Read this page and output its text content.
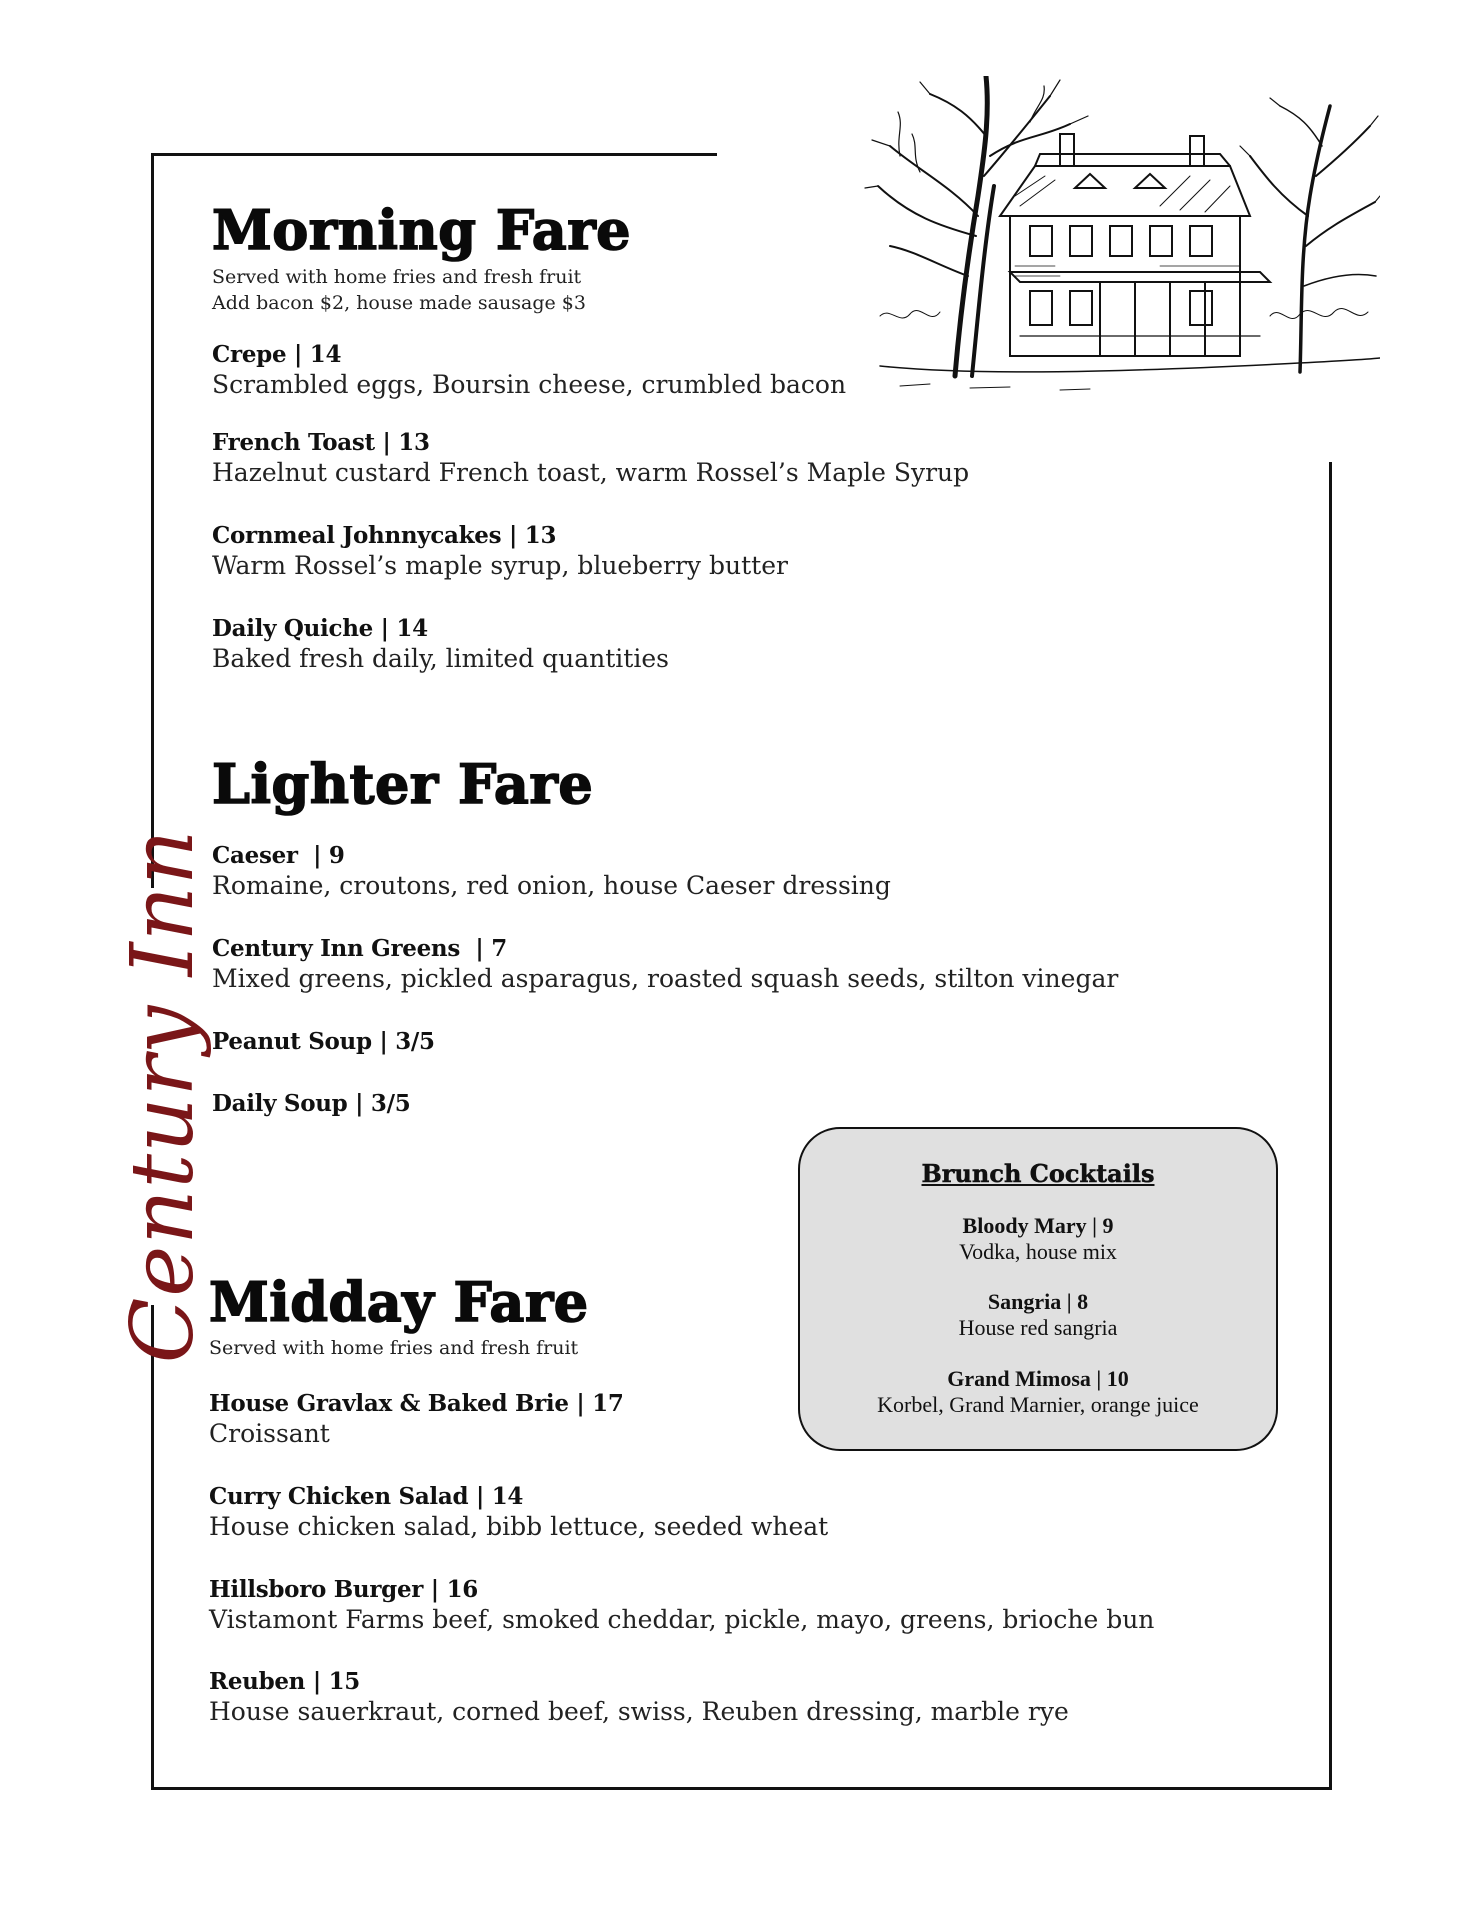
Century Inn
Morning Fare
Served with home fries and fresh fruit
Add bacon $2, house made sausage $3
Crepe | 14
Scrambled eggs, Boursin cheese, crumbled bacon
French Toast | 13
Hazelnut custard French toast, warm Rossel’s Maple Syrup
Cornmeal Johnnycakes | 13
Warm Rossel’s maple syrup, blueberry butter
Daily Quiche | 14
Baked fresh daily, limited quantities
Lighter Fare
Caeser  | 9
Romaine, croutons, red onion, house Caeser dressing
Century Inn Greens  | 7
Mixed greens, pickled asparagus, roasted squash seeds, stilton vinegar
Peanut Soup | 3/5
Daily Soup | 3/5
Brunch Cocktails
Bloody Mary | 9
Vodka, house mix
Sangria | 8
House red sangria
Grand Mimosa | 10
Korbel, Grand Marnier, orange juice
Midday Fare
Served with home fries and fresh fruit
House Gravlax & Baked Brie | 17
Croissant
Curry Chicken Salad | 14
House chicken salad, bibb lettuce, seeded wheat
Hillsboro Burger | 16
Vistamont Farms beef, smoked cheddar, pickle, mayo, greens, brioche bun
Reuben | 15
House sauerkraut, corned beef, swiss, Reuben dressing, marble rye
